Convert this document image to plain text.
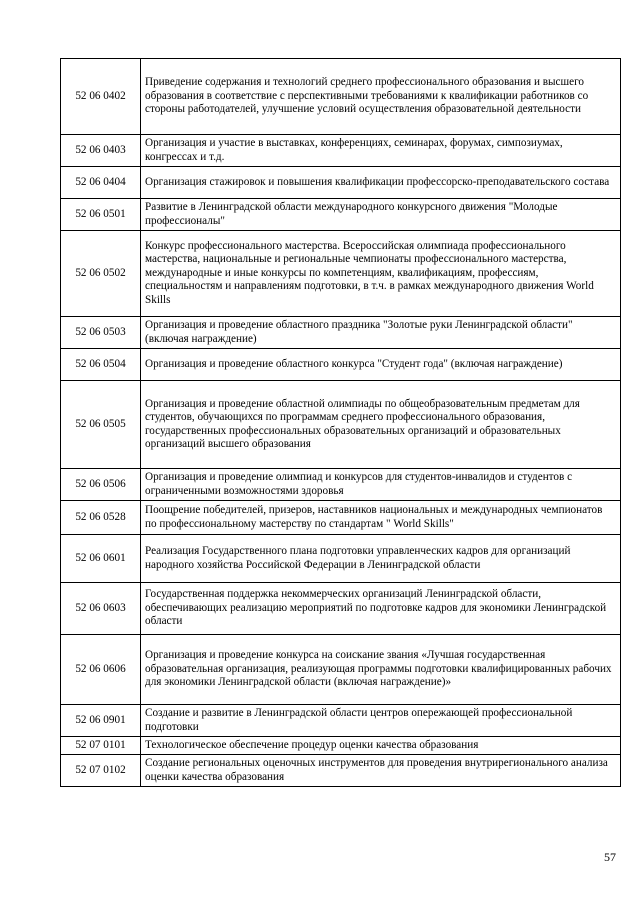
52 06 0402	Приведение содержания и технологий среднего профессионального образования и высшего образования в соответствие с перспективными требованиями к квалификации работников со стороны работодателей, улучшение условий осуществления образовательной деятельности
52 06 0403	Организация и участие в выставках, конференциях, семинарах, форумах, симпозиумах, конгрессах и т.д.
52 06 0404	Организация стажировок и повышения квалификации профессорско-преподавательского состава
52 06 0501	Развитие в Ленинградской области международного конкурсного движения "Молодые профессионалы"
52 06 0502	Конкурс профессионального мастерства. Всероссийская олимпиада профессионального мастерства, национальные и региональные чемпионаты профессионального мастерства, международные и иные конкурсы по компетенциям, квалификациям, профессиям, специальностям и направлениям подготовки, в т.ч. в рамках международного движения World Skills
52 06 0503	Организация и проведение областного праздника "Золотые руки Ленинградской области" (включая награждение)
52 06 0504	Организация и проведение областного конкурса "Студент года" (включая награждение)
52 06 0505	Организация и проведение областной олимпиады по общеобразовательным предметам для студентов, обучающихся по программам среднего профессионального образования, государственных профессиональных образовательных организаций и образовательных организаций высшего образования
52 06 0506	Организация и проведение олимпиад и конкурсов для студентов-инвалидов и студентов с ограниченными возможностями здоровья
52 06 0528	Поощрение победителей, призеров, наставников национальных и международных чемпионатов по профессиональному мастерству по стандартам " World Skills"
52 06 0601	Реализация Государственного плана подготовки управленческих кадров для организаций народного хозяйства Российской Федерации в Ленинградской области
52 06 0603	Государственная поддержка некоммерческих организаций Ленинградской области, обеспечивающих реализацию мероприятий по подготовке кадров для экономики Ленинградской области
52 06 0606	Организация и проведение конкурса на соискание звания «Лучшая государственная образовательная организация, реализующая программы подготовки квалифицированных рабочих для экономики Ленинградской области (включая награждение)»
52 06 0901	Создание и развитие в Ленинградской области центров опережающей профессиональной подготовки
52 07 0101	Технологическое обеспечение процедур оценки качества образования
52 07 0102	Создание региональных оценочных инструментов для проведения внутрирегионального анализа оценки качества образования
57
